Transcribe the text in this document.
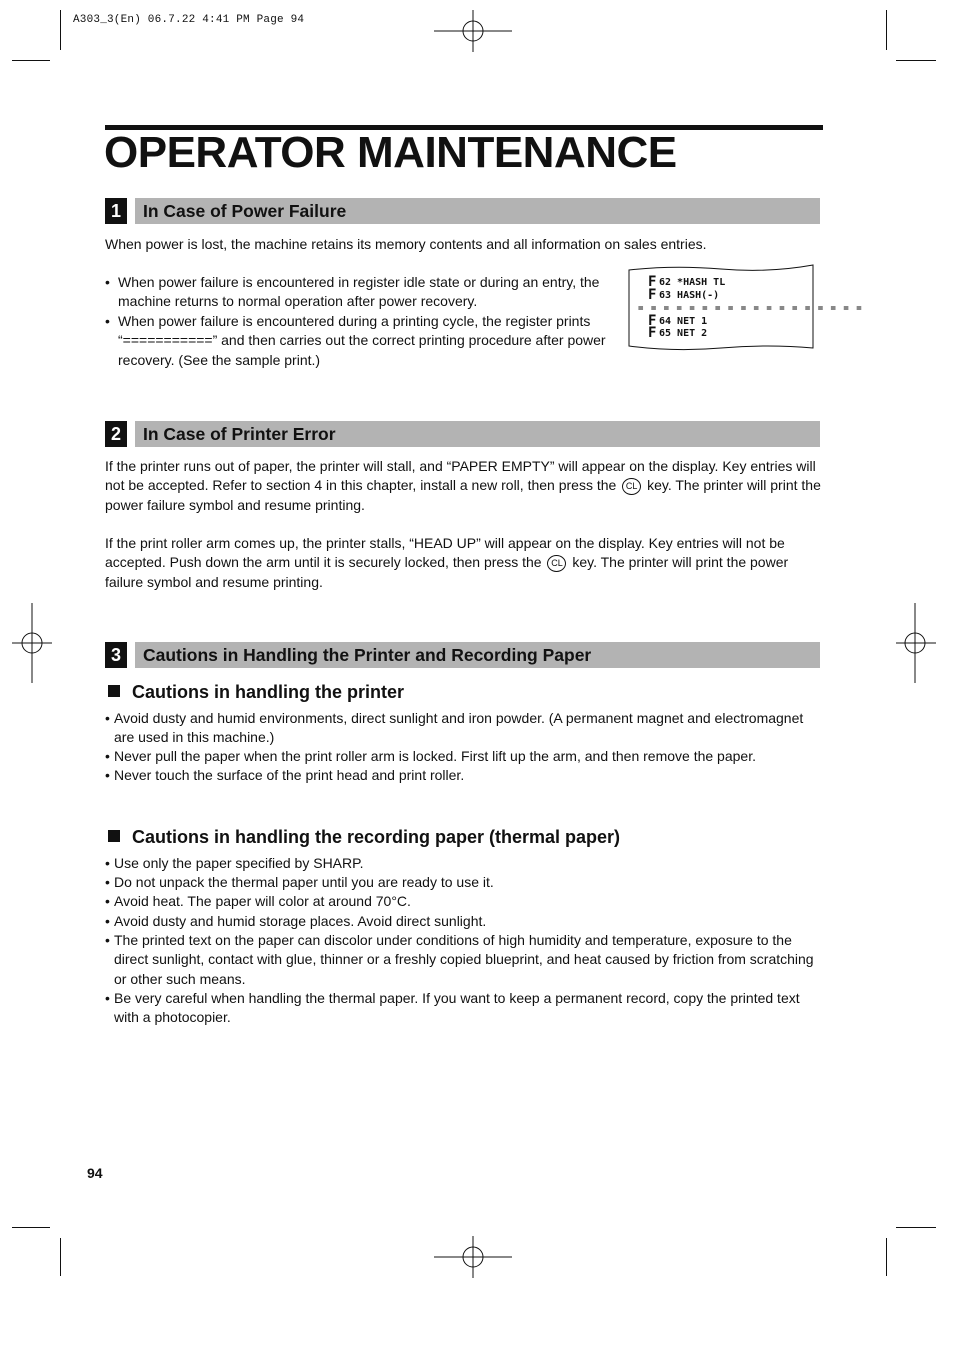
A303_3(En) 06.7.22 4:41 PM Page 94
OPERATOR MAINTENANCE
1	In Case of Power Failure
When power is lost, the machine retains its memory contents and all information on sales entries.
• When power failure is encountered in register idle state or during an entry, the machine returns to normal operation after power recovery.
• When power failure is encountered during a printing cycle, the register prints “===========” and then carries out the correct printing procedure after power recovery. (See the sample print.)
F 62 *HASH TL
F 63 HASH(-)
= = = = = = = = = = = = = = = = = =
F 64 NET 1
F 65 NET 2
2	In Case of Printer Error
If the printer runs out of paper, the printer will stall, and “PAPER EMPTY” will appear on the display. Key entries will not be accepted. Refer to section 4 in this chapter, install a new roll, then press the CL key. The printer will print the power failure symbol and resume printing.
If the print roller arm comes up, the printer stalls, “HEAD UP” will appear on the display. Key entries will not be accepted. Push down the arm until it is securely locked, then press the CL key. The printer will print the power failure symbol and resume printing.
3	Cautions in Handling the Printer and Recording Paper
Cautions in handling the printer
• Avoid dusty and humid environments, direct sunlight and iron powder. (A permanent magnet and electromagnet are used in this machine.)
• Never pull the paper when the print roller arm is locked. First lift up the arm, and then remove the paper.
• Never touch the surface of the print head and print roller.
Cautions in handling the recording paper (thermal paper)
• Use only the paper specified by SHARP.
• Do not unpack the thermal paper until you are ready to use it.
• Avoid heat. The paper will color at around 70°C.
• Avoid dusty and humid storage places. Avoid direct sunlight.
• The printed text on the paper can discolor under conditions of high humidity and temperature, exposure to the direct sunlight, contact with glue, thinner or a freshly copied blueprint, and heat caused by friction from scratching or other such means.
• Be very careful when handling the thermal paper. If you want to keep a permanent record, copy the printed text with a photocopier.
94
